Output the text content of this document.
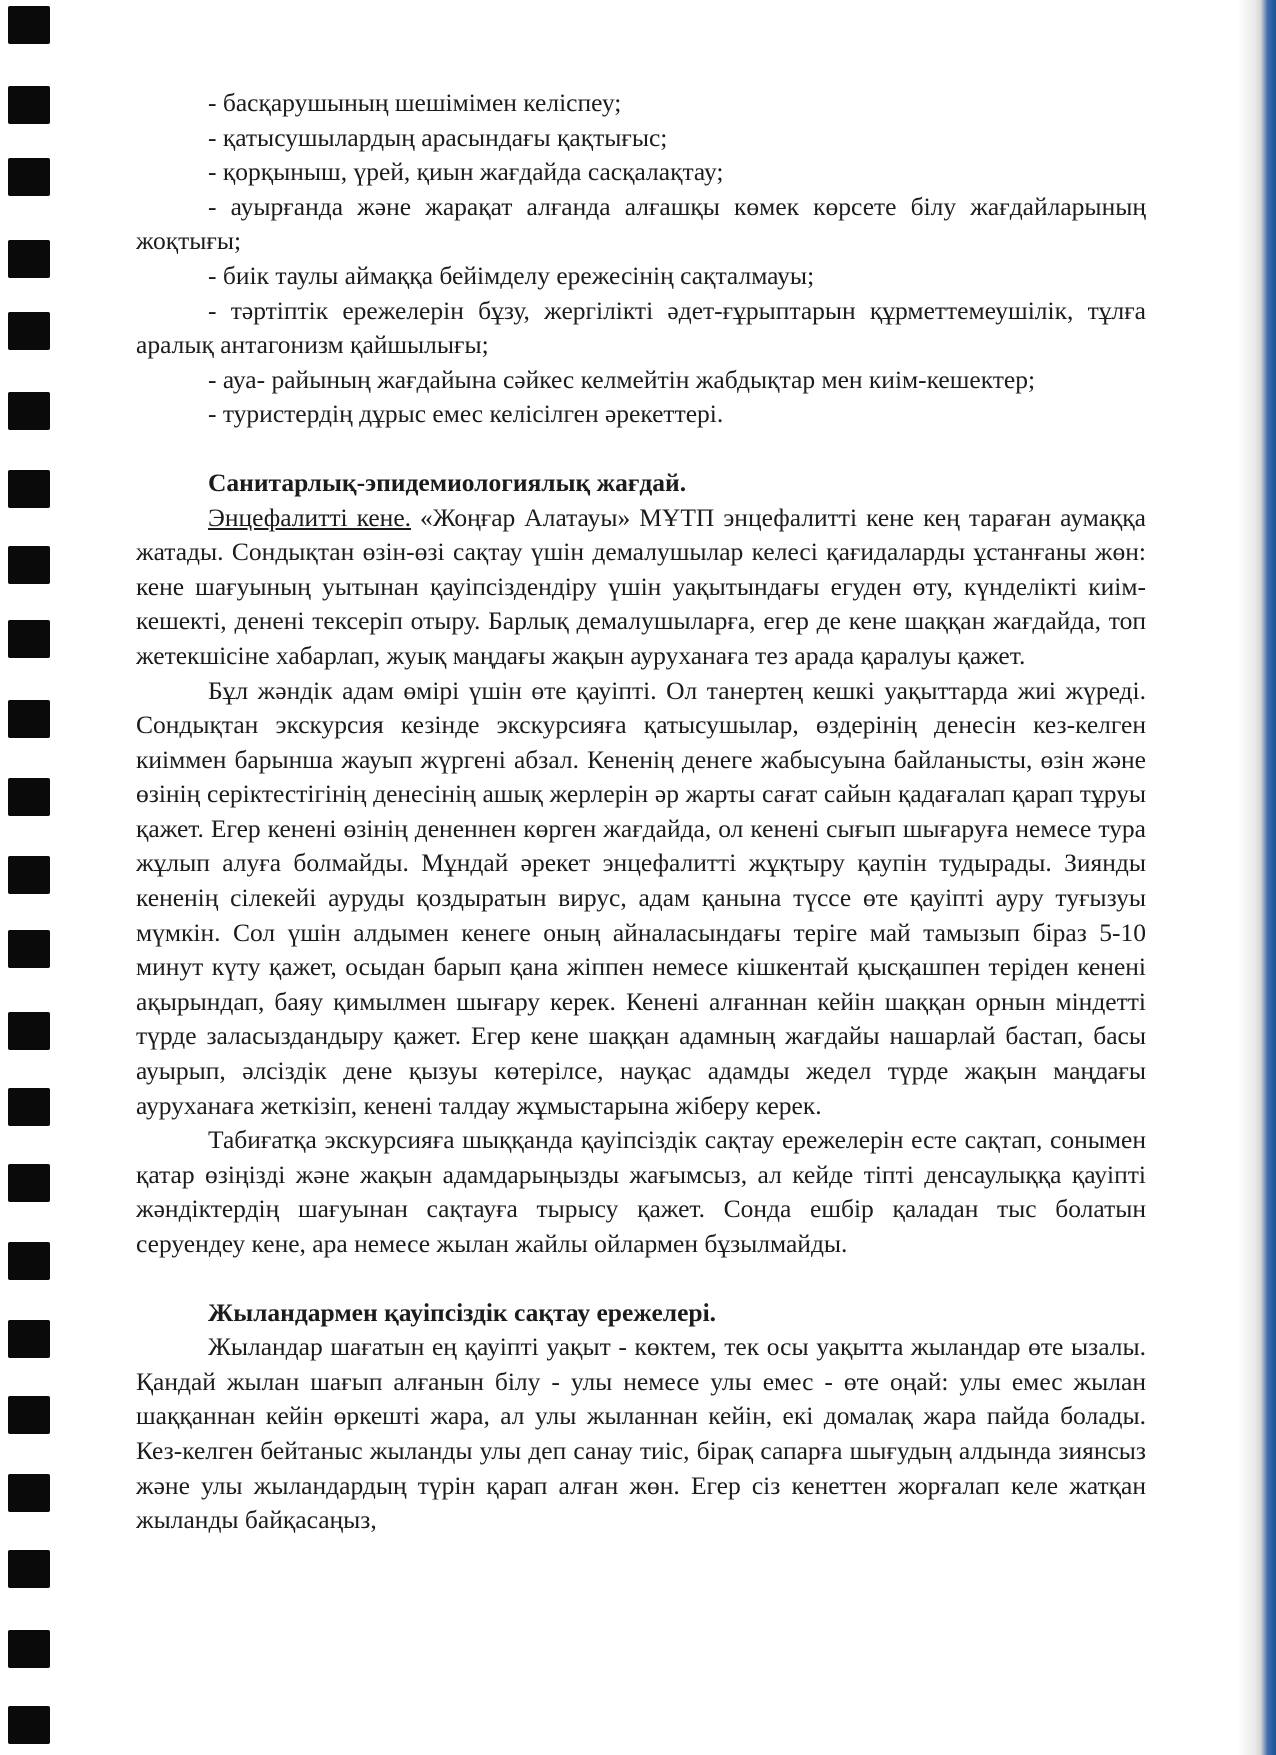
- басқарушының шешімімен келіспеу;

- қатысушылардың арасындағы қақтығыс;

- қорқыныш, үрей, қиын жағдайда сасқалақтау;

- ауырғанда және жарақат алғанда алғашқы көмек көрсете білу жағдайларының жоқтығы;

- биік таулы аймаққа бейімделу ережесінің сақталмауы;

- тәртіптік ережелерін бұзу, жергілікті әдет-ғұрыптарын құрметтемеушілік, тұлға аралық антагонизм қайшылығы;

- ауа- райының жағдайына сәйкес келмейтін жабдықтар мен киім-кешектер;

- туристердің дұрыс емес келісілген әрекеттері.

Санитарлық-эпидемиологиялық жағдай.

Энцефалитті кене. «Жоңғар Алатауы» МҰТП энцефалитті кене кең тараған аумаққа жатады. Сондықтан өзін-өзі сақтау үшін демалушылар келесі қағидаларды ұстанғаны жөн: кене шағуының уытынан қауіпсіздендіру үшін уақытындағы егуден өту, күнделікті киім-кешекті, денені тексеріп отыру. Барлық демалушыларға, егер де кене шаққан жағдайда, топ жетекшісіне хабарлап, жуық маңдағы жақын ауруханаға тез арада қаралуы қажет.

Бұл жәндік адам өмірі үшін өте қауіпті. Ол танертең кешкі уақыттарда жиі жүреді. Сондықтан экскурсия кезінде экскурсияға қатысушылар, өздерінің денесін кез-келген киіммен барынша жауып жүргені абзал. Кененің денеге жабысуына байланысты, өзін және өзінің серіктестігінің денесінің ашық жерлерін әр жарты сағат сайын қадағалап қарап тұруы қажет. Егер кенені өзінің дененнен көрген жағдайда, ол кенені сығып шығаруға немесе тура жұлып алуға болмайды. Мұндай әрекет энцефалитті жұқтыру қаупін тудырады. Зиянды кененің сілекейі ауруды қоздыратын вирус, адам қанына түссе өте қауіпті ауру туғызуы мүмкін. Сол үшін алдымен кенеге оның айналасындағы теріге май тамызып біраз 5-10 минут күту қажет, осыдан барып қана жіппен немесе кішкентай қысқашпен теріден кенені ақырындап, баяу қимылмен шығару керек. Кенені алғаннан кейін шаққан орнын міндетті түрде заласыздандыру қажет. Егер кене шаққан адамның жағдайы нашарлай бастап, басы ауырып, әлсіздік дене қызуы көтерілсе, науқас адамды жедел түрде жақын маңдағы ауруханаға жеткізіп, кенені талдау жұмыстарына жіберу керек.

Табиғатқа экскурсияға шыққанда қауіпсіздік сақтау ережелерін есте сақтап, сонымен қатар өзіңізді және жақын адамдарыңызды жағымсыз, ал кейде тіпті денсаулыққа қауіпті жәндіктердің шағуынан сақтауға тырысу қажет. Сонда ешбір қаладан тыс болатын серуендеу кене, ара немесе жылан жайлы ойлармен бұзылмайды.

Жыландармен қауіпсіздік сақтау ережелері.

Жыландар шағатын ең қауіпті уақыт - көктем, тек осы уақытта жыландар өте ызалы. Қандай жылан шағып алғанын білу - улы немесе улы емес - өте оңай: улы емес жылан шаққаннан кейін өркешті жара, ал улы жыланнан кейін, екі домалақ жара пайда болады. Кез-келген бейтаныс жыланды улы деп санау тиіс, бірақ сапарға шығудың алдында зиянсыз және улы жыландардың түрін қарап алған жөн. Егер сіз кенеттен жорғалап келе жатқан жыланды байқасаңыз,
